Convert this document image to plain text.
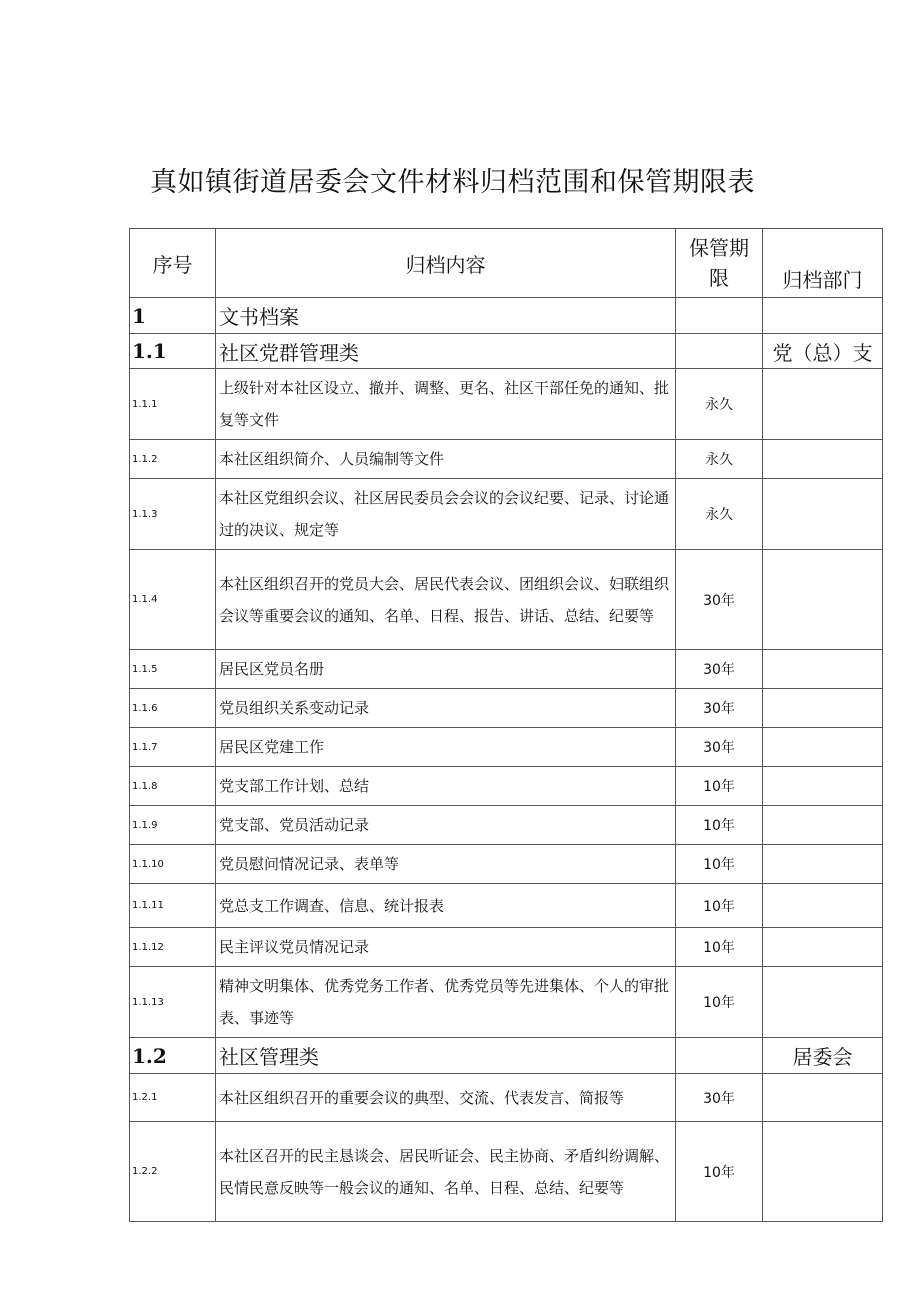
真如镇街道居委会文件材料归档范围和保管期限表
序号	归档内容	保管期限	归档部门
1	文书档案		
1.1	社区党群管理类		党（总）支
1.1.1	上级针对本社区设立、撤并、调整、更名、社区干部任免的通知、批复等文件	永久	
1.1.2	本社区组织简介、人员编制等文件	永久	
1.1.3	本社区党组织会议、社区居民委员会会议的会议纪要、记录、讨论通过的决议、规定等	永久	
1.1.4	本社区组织召开的党员大会、居民代表会议、团组织会议、妇联组织会议等重要会议的通知、名单、日程、报告、讲话、总结、纪要等	30年	
1.1.5	居民区党员名册	30年	
1.1.6	党员组织关系变动记录	30年	
1.1.7	居民区党建工作	30年	
1.1.8	党支部工作计划、总结	10年	
1.1.9	党支部、党员活动记录	10年	
1.1.10	党员慰问情况记录、表单等	10年	
1.1.11	党总支工作调查、信息、统计报表	10年	
1.1.12	民主评议党员情况记录	10年	
1.1.13	精神文明集体、优秀党务工作者、优秀党员等先进集体、个人的审批表、事迹等	10年	
1.2	社区管理类		居委会
1.2.1	本社区组织召开的重要会议的典型、交流、代表发言、简报等	30年	
1.2.2	本社区召开的民主恳谈会、居民听证会、民主协商、矛盾纠纷调解、民情民意反映等一般会议的通知、名单、日程、总结、纪要等	10年	
